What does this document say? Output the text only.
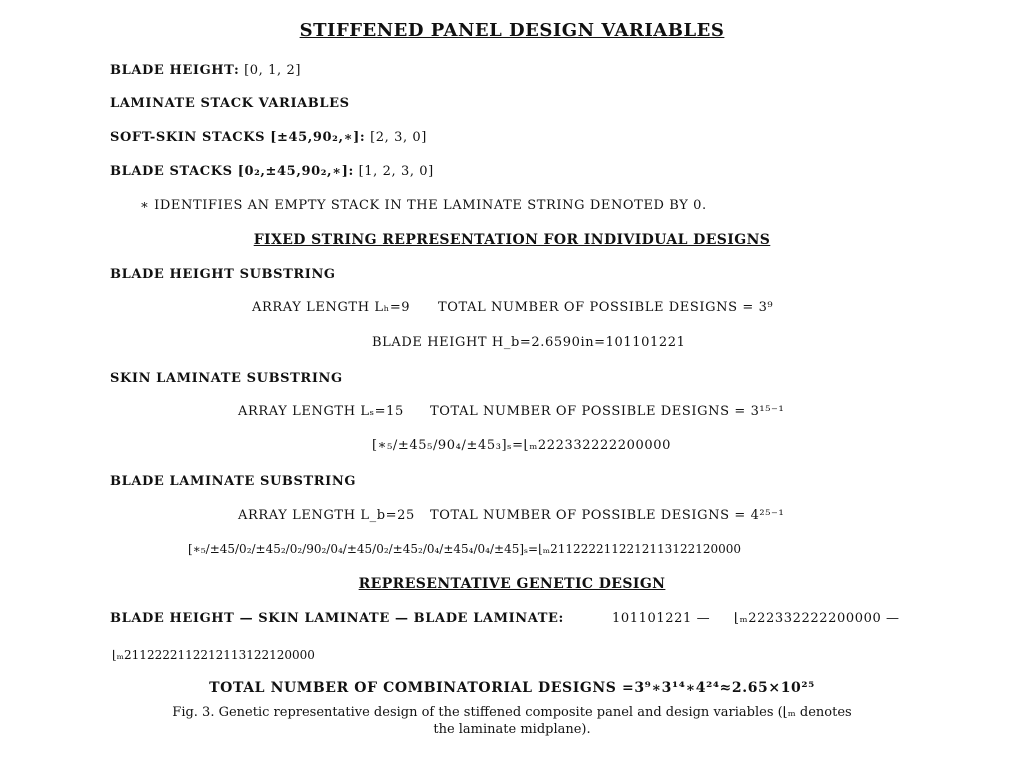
STIFFENED PANEL DESIGN VARIABLES
BLADE HEIGHT: [0, 1, 2]
LAMINATE STACK VARIABLES
SOFT-SKIN STACKS [±45,90₂,∗]: [2, 3, 0]
BLADE STACKS [0₂,±45,90₂,∗]: [1, 2, 3, 0]
∗ IDENTIFIES AN EMPTY STACK IN THE LAMINATE STRING DENOTED BY 0.
FIXED STRING REPRESENTATION FOR INDIVIDUAL DESIGNS
BLADE HEIGHT SUBSTRING
ARRAY LENGTH Lₕ=9 TOTAL NUMBER OF POSSIBLE DESIGNS = 3⁹
BLADE HEIGHT H_b=2.6590in=101101221
SKIN LAMINATE SUBSTRING
ARRAY LENGTH Lₛ=15 TOTAL NUMBER OF POSSIBLE DESIGNS = 3¹⁵⁻¹
[∗₅/±45₅/90₄/±45₃]ₛ=⌊ₘ222332222200000
BLADE LAMINATE SUBSTRING
ARRAY LENGTH L_b=25 TOTAL NUMBER OF POSSIBLE DESIGNS = 4²⁵⁻¹
[∗₅/±45/0₂/±45₂/0₂/90₂/0₄/±45/0₂/±45₂/0₄/±45₄/0₄/±45]ₛ=⌊ₘ2112222112212113122120000
REPRESENTATIVE GENETIC DESIGN
BLADE HEIGHT — SKIN LAMINATE — BLADE LAMINATE:	101101221 — ⌊ₘ222332222200000 —
⌊ₘ2112222112212113122120000
TOTAL NUMBER OF COMBINATORIAL DESIGNS =3⁹∗3¹⁴∗4²⁴≈2.65×10²⁵
Fig. 3. Genetic representative design of the stiffened composite panel and design variables (⌊ₘ denotes
the laminate midplane).
